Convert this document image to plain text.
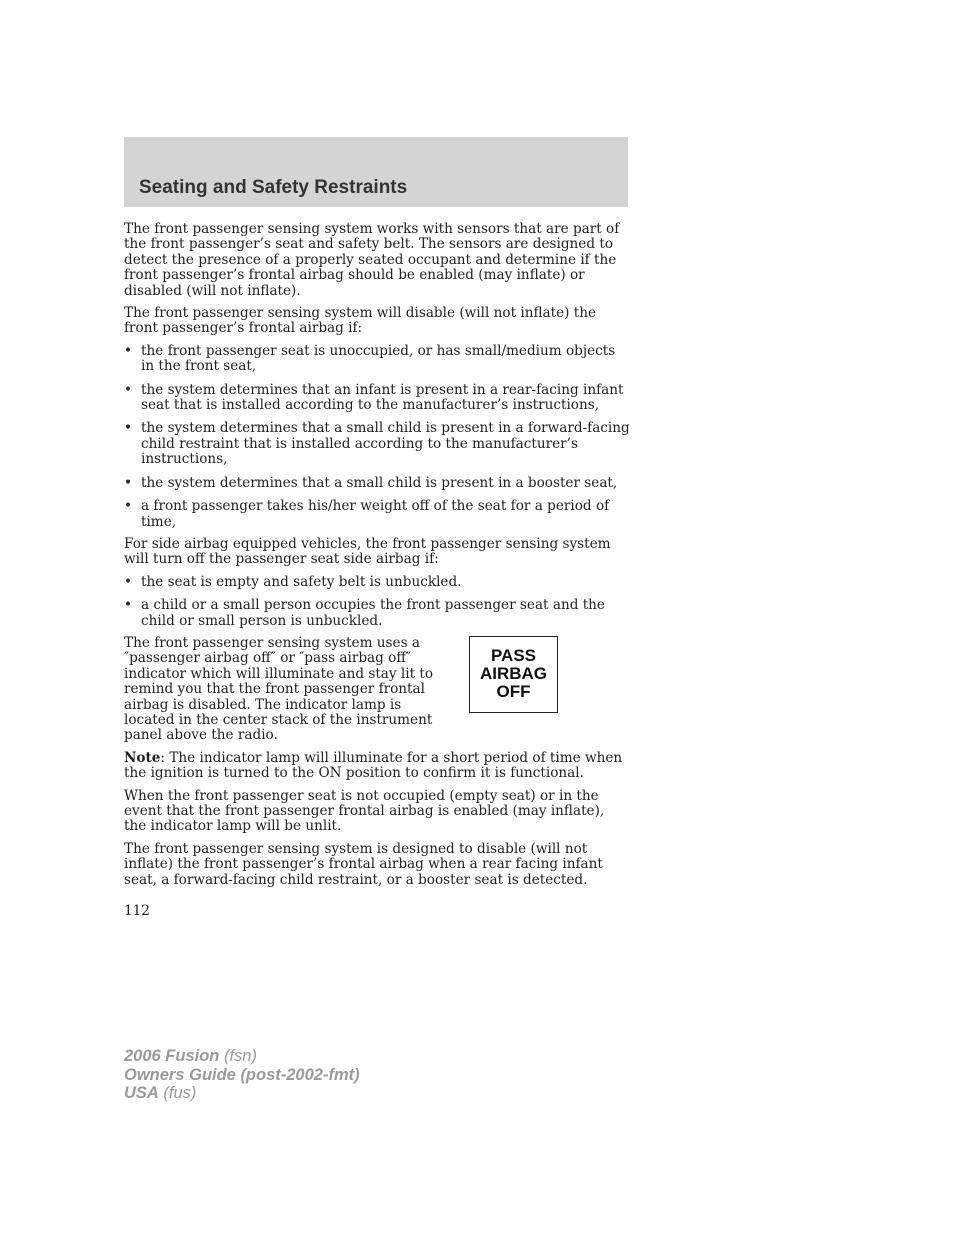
Seating and Safety Restraints

The front passenger sensing system works with sensors that are part of the front passenger’s seat and safety belt. The sensors are designed to detect the presence of a properly seated occupant and determine if the front passenger’s frontal airbag should be enabled (may inflate) or disabled (will not inflate).

The front passenger sensing system will disable (will not inflate) the front passenger’s frontal airbag if:

• the front passenger seat is unoccupied, or has small/medium objects in the front seat,
• the system determines that an infant is present in a rear-facing infant seat that is installed according to the manufacturer’s instructions,
• the system determines that a small child is present in a forward-facing child restraint that is installed according to the manufacturer’s instructions,
• the system determines that a small child is present in a booster seat,
• a front passenger takes his/her weight off of the seat for a period of time,

For side airbag equipped vehicles, the front passenger sensing system will turn off the passenger seat side airbag if:

• the seat is empty and safety belt is unbuckled.
• a child or a small person occupies the front passenger seat and the child or small person is unbuckled.
PASS
AIRBAG
OFF

The front passenger sensing system uses a ″passenger airbag off″ or ″pass airbag off″ indicator which will illuminate and stay lit to remind you that the front passenger frontal airbag is disabled. The indicator lamp is located in the center stack of the instrument panel above the radio.

Note: The indicator lamp will illuminate for a short period of time when the ignition is turned to the ON position to confirm it is functional.

When the front passenger seat is not occupied (empty seat) or in the event that the front passenger frontal airbag is enabled (may inflate), the indicator lamp will be unlit.

The front passenger sensing system is designed to disable (will not inflate) the front passenger’s frontal airbag when a rear facing infant seat, a forward-facing child restraint, or a booster seat is detected.

112
2006 Fusion (fsn)
Owners Guide (post-2002-fmt)
USA (fus)
